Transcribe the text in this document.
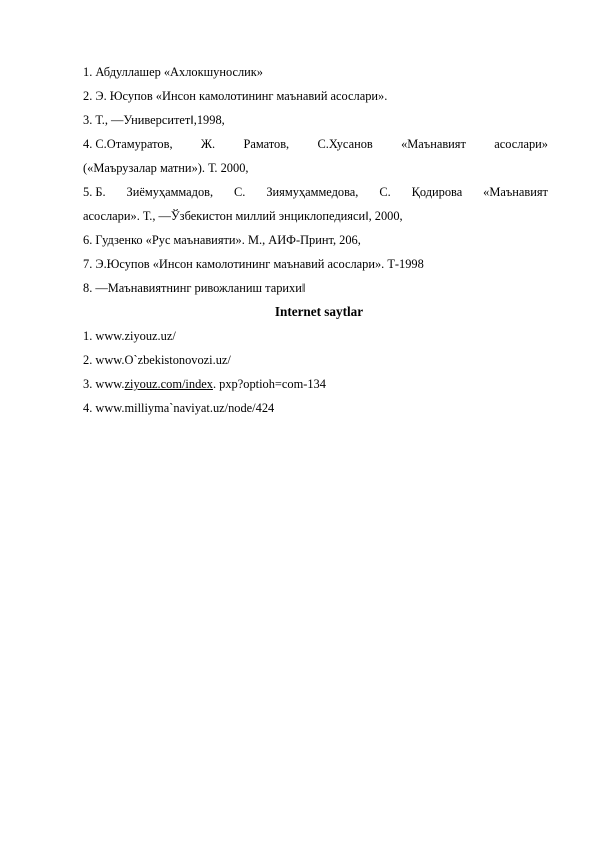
1. Абдуллашер «Ахлокшунослик»
2. Э. Юсупов «Инсон камолотининг маънавий асослари».
3. Т., ―Университет‖,1998,
4. С.Отамуратов, Ж. Раматов, С.Хусанов «Маънавият асослари»
(«Маърузалар матни»). Т. 2000,
5. Б. Зиёмуҳаммадов, С. Зиямуҳаммедова, С. Қодирова «Маънавият
асослари». Т., ―Ўзбекистон миллий энциклопедияси‖, 2000,
6. Гудзенко «Рус маънавияти». М., АИФ-Принт, 206,
7. Э.Юсупов «Инсон камолотининг маънавий асослари». Т-1998
8. ―Маънавиятнинг ривожланиш тарихи‖
Internet saytlar
1. www.ziyouz.uz/
2. www.O`zbekistonovozi.uz/
3. www.ziyouz.com/index. рхр?optioh=com-134
4. www.milliyma`naviyat.uz/node/424
